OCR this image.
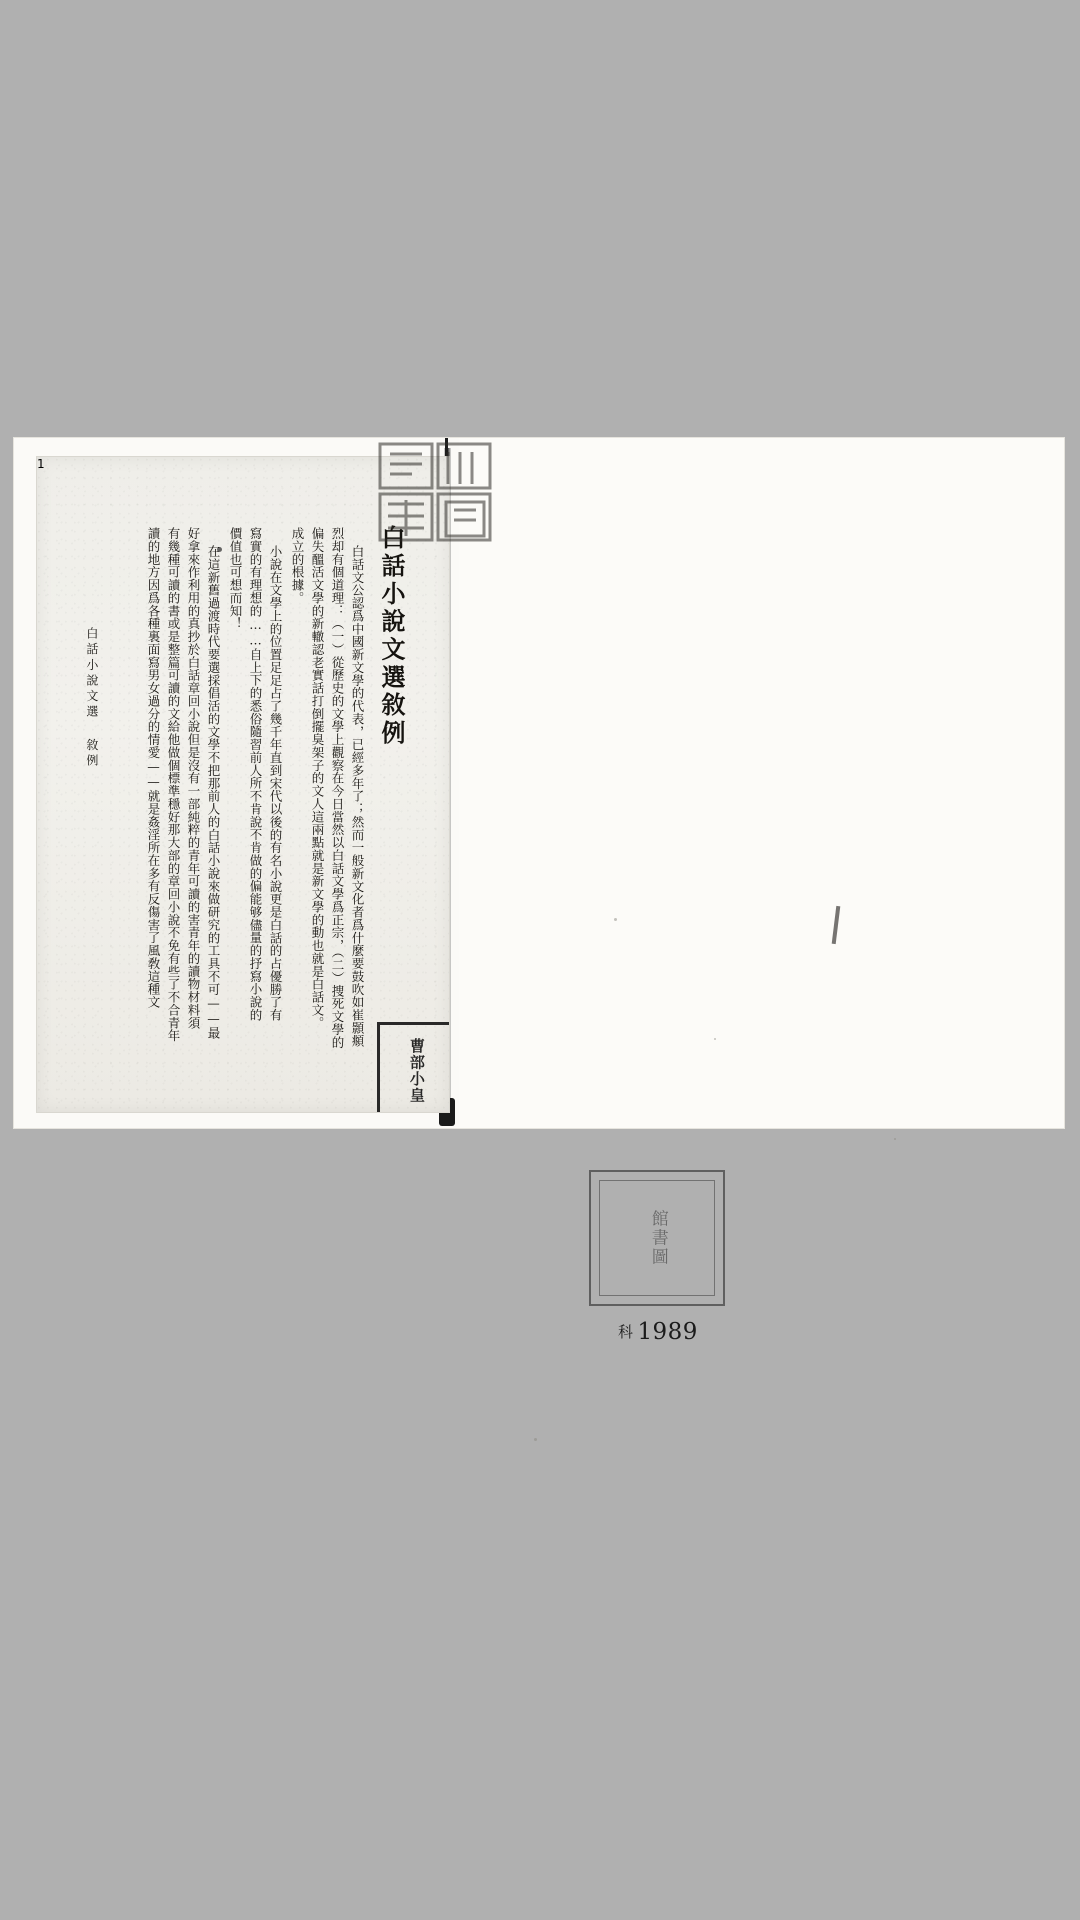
白話小說文選敘例
白話文公認爲中國新文學的代表，已經多年了；然而一般新文化者爲什麼要鼓吹如崔顥頫
烈却有個道理：（一）從歷史的文學上觀察在今日當然以白話文學爲正宗，（二）捜死文學的
偏失醞活文學的新轍認老實話打倒擺臭架子的文人這兩點就是新文學的動也就是白話文。
成立的根據。
小說在文學上的位置足足占了幾千年直到宋代以後的有名小說更是白話的占優勝了有
寫實的有理想的……自上下的悉俗隨習前人所不肯說不肯做的偏能够儘量的抒寫小說的
價值也可想而知！
在這新舊過渡時代要選採倡活的文學不把那前人的白話小說來做研究的工具不可——最
好拿來作利用的真抄於白話章回小說但是沒有一部純粹的青年可讀的害青年的讀物材料須
有幾種可讀的書或是整篇可讀的文給他做個標準穩好那大部的章回小說不免有些了不合青年
讀的地方因爲各種裏面寫男女過分的情愛——就是姦淫所在多有反傷害了風敎這種文
白話小說文選 敘例
1
曹部小皇
館書圖
科 1989
